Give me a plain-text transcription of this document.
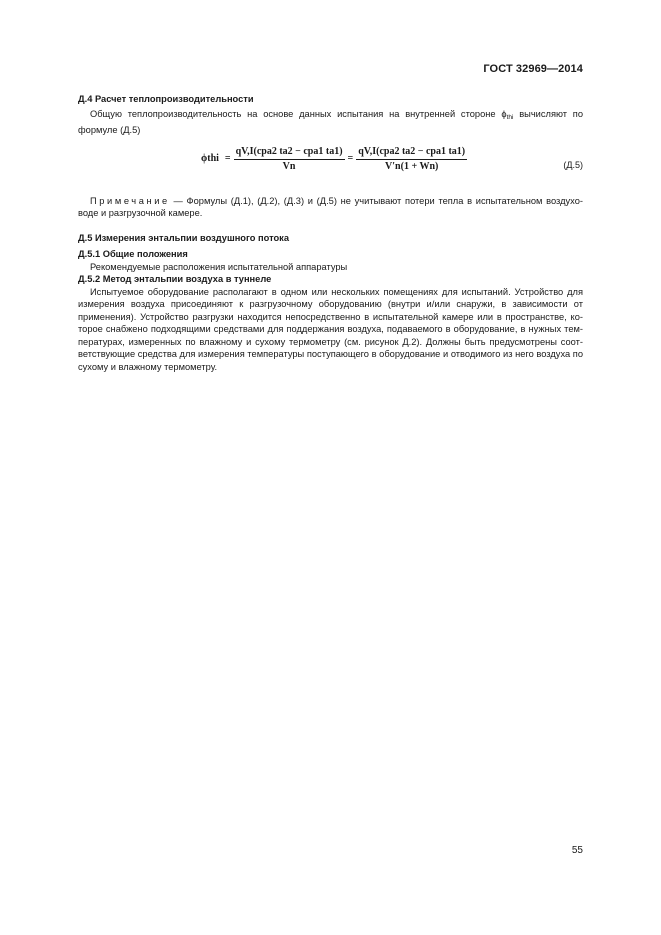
ГОСТ 32969—2014
Д.4 Расчет теплопроизводительности
Общую теплопроизводительность на основе данных испытания на внутренней стороне $\phi_{thi}$ вычисляют по формуле (Д.5)
$\phi thi = \frac{\text{qV,I(cpa2 ta2 − cpa1 ta1)}}{Vn} = \frac{\text{qV,I(cpa2 ta2 − cpa1 ta1)}}{V'n(1 + Wn)}$	(Д.5)
Примечание — Формулы (Д.1), (Д.2), (Д.3) и (Д.5) не учитывают потери тепла в испытательном воздуховоде и разгрузочной камере.
Д.5 Измерения энтальпии воздушного потока
Д.5.1 Общие положения
Рекомендуемые расположения испытательной аппаратуры
Д.5.2 Метод энтальпии воздуха в туннеле
Испытуемое оборудование располагают в одном или нескольких помещениях для испытаний. Устройство для измерения воздуха присоединяют к разгрузочному оборудованию (внутри и/или снаружи, в зависимости от применения). Устройство разгрузки находится непосредственно в испытательной камере или в пространстве, которое снабжено подходящими средствами для поддержания воздуха, подаваемого в оборудование, в нужных температурах, измеренных по влажному и сухому термометру (см. рисунок Д.2). Должны быть предусмотрены соответствующие средства для измерения температуры поступающего в оборудование и отводимого из него воздуха по сухому и влажному термометру.
55
